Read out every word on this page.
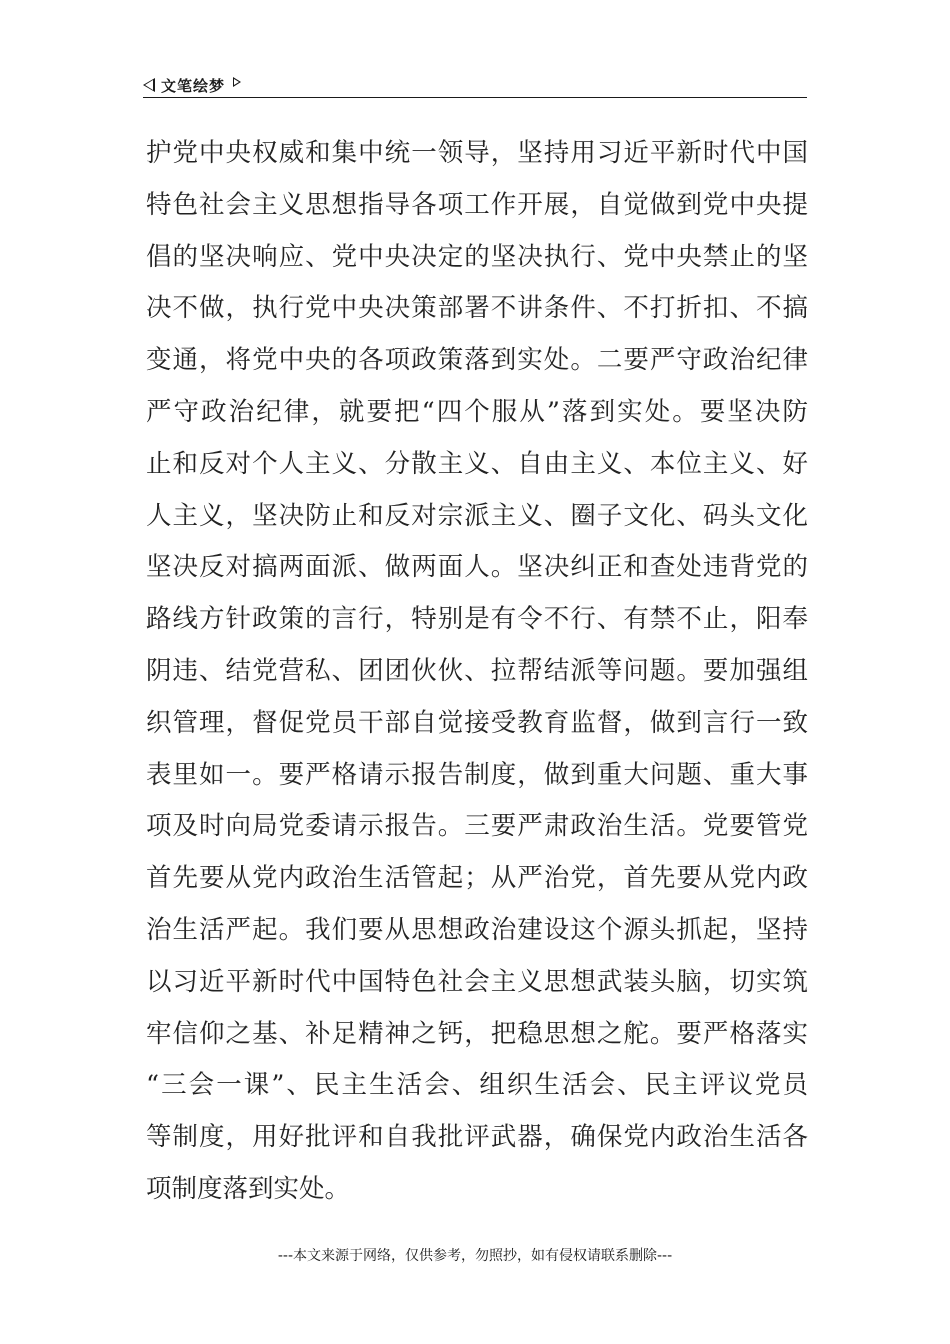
文笔绘梦
护党中央权威和集中统一领导，坚持用习近平新时代中国
特色社会主义思想指导各项工作开展，自觉做到党中央提
倡的坚决响应、党中央决定的坚决执行、党中央禁止的坚
决不做，执行党中央决策部署不讲条件、不打折扣、不搞
变通，将党中央的各项政策落到实处。二要严守政治纪律
严守政治纪律，就要把“四个服从”落到实处。要坚决防
止和反对个人主义、分散主义、自由主义、本位主义、好
人主义，坚决防止和反对宗派主义、圈子文化、码头文化
坚决反对搞两面派、做两面人。坚决纠正和查处违背党的
路线方针政策的言行，特别是有令不行、有禁不止，阳奉
阴违、结党营私、团团伙伙、拉帮结派等问题。要加强组
织管理，督促党员干部自觉接受教育监督，做到言行一致
表里如一。要严格请示报告制度，做到重大问题、重大事
项及时向局党委请示报告。三要严肃政治生活。党要管党
首先要从党内政治生活管起；从严治党，首先要从党内政
治生活严起。我们要从思想政治建设这个源头抓起，坚持
以习近平新时代中国特色社会主义思想武装头脑，切实筑
牢信仰之基、补足精神之钙，把稳思想之舵。要严格落实
“三会一课”、民主生活会、组织生活会、民主评议党员
等制度，用好批评和自我批评武器，确保党内政治生活各
项制度落到实处。
---本文来源于网络，仅供参考，勿照抄，如有侵权请联系删除---
